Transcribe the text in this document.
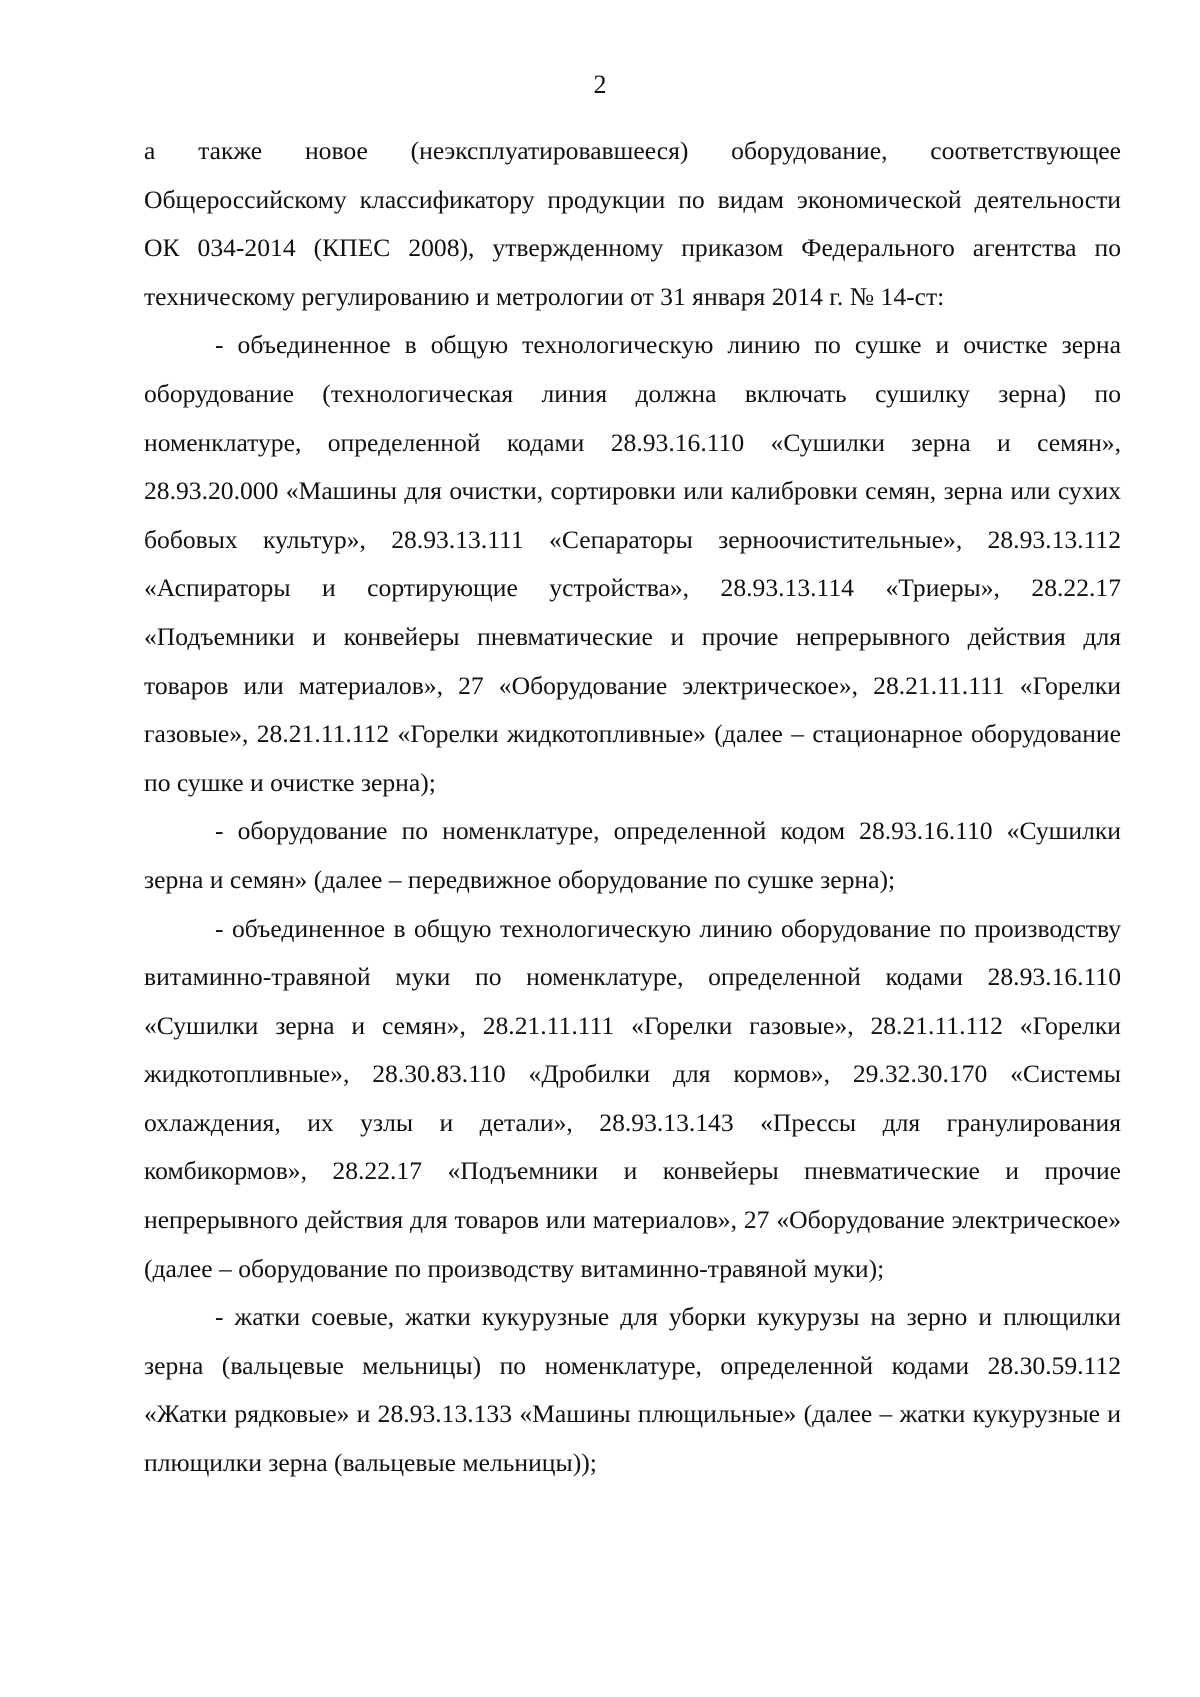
2

а также новое (неэксплуатировавшееся) оборудование, соответствующее Общероссийскому классификатору продукции по видам экономической деятельности ОК 034-2014 (КПЕС 2008), утвержденному приказом Федерального агентства по техническому регулированию и метрологии от 31 января 2014 г. № 14-ст:

- объединенное в общую технологическую линию по сушке и очистке зерна оборудование (технологическая линия должна включать сушилку зерна) по номенклатуре, определенной кодами 28.93.16.110 «Сушилки зерна и семян», 28.93.20.000 «Машины для очистки, сортировки или калибровки семян, зерна или сухих бобовых культур», 28.93.13.111 «Сепараторы зерноочистительные», 28.93.13.112 «Аспираторы и сортирующие устройства», 28.93.13.114 «Триеры», 28.22.17 «Подъемники и конвейеры пневматические и прочие непрерывного действия для товаров или материалов», 27 «Оборудование электрическое», 28.21.11.111 «Горелки газовые», 28.21.11.112 «Горелки жидкотопливные» (далее – стационарное оборудование по сушке и очистке зерна);

- оборудование по номенклатуре, определенной кодом 28.93.16.110 «Сушилки зерна и семян» (далее – передвижное оборудование по сушке зерна);

- объединенное в общую технологическую линию оборудование по производству витаминно-травяной муки по номенклатуре, определенной кодами 28.93.16.110 «Сушилки зерна и семян», 28.21.11.111 «Горелки газовые», 28.21.11.112 «Горелки жидкотопливные», 28.30.83.110 «Дробилки для кормов», 29.32.30.170 «Системы охлаждения, их узлы и детали», 28.93.13.143 «Прессы для гранулирования комбикормов», 28.22.17 «Подъемники и конвейеры пневматические и прочие непрерывного действия для товаров или материалов», 27 «Оборудование электрическое» (далее – оборудование по производству витаминно-травяной муки);

- жатки соевые, жатки кукурузные для уборки кукурузы на зерно и плющилки зерна (вальцевые мельницы) по номенклатуре, определенной кодами 28.30.59.112 «Жатки рядковые» и 28.93.13.133 «Машины плющильные» (далее – жатки кукурузные и плющилки зерна (вальцевые мельницы));
